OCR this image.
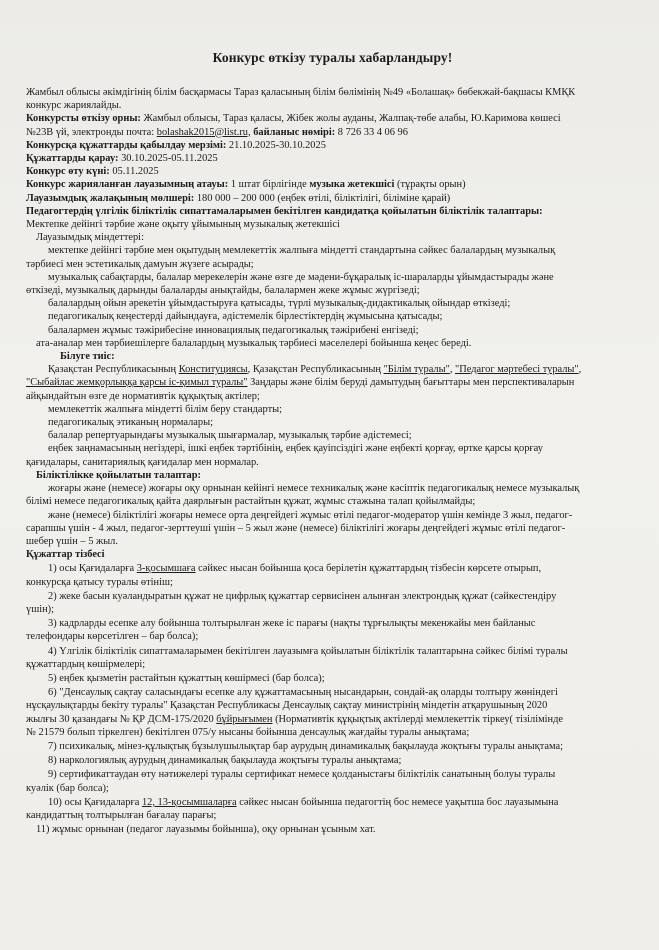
Конкурс өткізу туралы хабарландыру!
Жамбыл облысы әкімдігінің білім басқармасы Тараз қаласының білім бөлімінің №49 «Болашақ» бөбекжай-бақшасы КМҚК
конкурс жариялайды.
Конкурсты өткізу орны: Жамбыл облысы, Тараз қаласы, Жібек жолы ауданы, Жалпақ-төбе алабы, Ю.Каримова көшесі
№23В үй, электронды почта: bolashak2015@list.ru, байланыс нөмірі: 8 726 33 4 06 96
Конкурсқа құжаттарды қабылдау мерзімі: 21.10.2025-30.10.2025
Құжаттарды қарау: 30.10.2025-05.11.2025
Конкурс өту күні: 05.11.2025
Конкурс жарияланған лауазымның атауы: 1 штат бірлігінде музыка жетекшісі (тұрақты орын)
Лауазымдық жалақының мөлшері: 180 000 – 200 000 (еңбек өтілі, біліктілігі, біліміне қарай)
Педагогтердің үлгілік біліктілік сипаттамаларымен бекітілген кандидатқа қойылатын біліктілік талаптары:
Мектепке дейінгі тәрбие және оқыту ұйымының музыкалық жетекшісі
Лауазымдық міндеттері:
мектепке дейінгі тәрбие мен оқытудың мемлекеттік жалпыға міндетті стандартына сәйкес балалардың музыкалық
тәрбиесі мен эстетикалық дамуын жүзеге асырады;
музыкалық сабақтарды, балалар мерекелерін және өзге де мәдени-бұқаралық іс-шараларды ұйымдастырады және
өткізеді, музыкалық дарынды балаларды анықтайды, балалармен жеке жұмыс жүргізеді;
балалардың ойын әрекетін ұйымдастыруға қатысады, түрлі музыкалық-дидактикалық ойындар өткізеді;
педагогикалық кеңестерді дайындауға, әдістемелік бірлестіктердің жұмысына қатысады;
балалармен жұмыс тәжірибесіне инновациялық педагогикалық тәжірибені енгізеді;
ата-аналар мен тәрбиешілерге балалардың музыкалық тәрбиесі мәселелері бойынша кеңес береді.
Білуге тиіс:
Қазақстан Республикасының Конституциясы, Қазақстан Республикасының "Білім туралы", "Педагог мәртебесі туралы",
"Сыбайлас жемқорлыққа қарсы іс-қимыл туралы" Заңдары және білім беруді дамытудың бағыттары мен перспективаларын
айқындайтын өзге де нормативтік құқықтық актілер;
мемлекеттік жалпыға міндетті білім беру стандарты;
педагогикалық этиканың нормалары;
балалар репертуарындағы музыкалық шығармалар, музыкалық тәрбие әдістемесі;
еңбек заңнамасының негіздері, ішкі еңбек тәртібінің, еңбек қауіпсіздігі және еңбекті қорғау, өртке қарсы қорғау
қағидалары, санитариялық қағидалар мен нормалар.
Біліктілікке қойылатын талаптар:
жоғары және (немесе) жоғары оқу орнынан кейінгі немесе техникалық және кәсіптік педагогикалық немесе музыкалық
білімі немесе педагогикалық қайта даярлығын растайтын құжат, жұмыс стажына талап қойылмайды;
және (немесе) біліктілігі жоғары немесе орта деңгейдегі жұмыс өтілі педагог-модератор үшін кемінде 3 жыл, педагог-
сарапшы үшін - 4 жыл, педагог-зерттеуші үшін – 5 жыл және (немесе) біліктілігі жоғары деңгейдегі жұмыс өтілі педагог-
шебер үшін – 5 жыл.
Құжаттар тізбесі
1) осы Қағидаларға 3-қосымшаға сәйкес нысан бойынша қоса берілетін құжаттардың тізбесін көрсете отырып,
конкурсқа қатысу туралы өтініш;
2) жеке басын куәландыратын құжат не цифрлық құжаттар сервисінен алынған электрондық құжат (сәйкестендіру
үшін);
3) кадрларды есепке алу бойынша толтырылған жеке іс парағы (нақты тұрғылықты мекенжайы мен байланыс
телефондары көрсетілген – бар болса);
4) Үлгілік біліктілік сипаттамаларымен бекітілген лауазымға қойылатын біліктілік талаптарына сәйкес білімі туралы
құжаттардың көшірмелері;
5) еңбек қызметін растайтын құжаттың көшірмесі (бар болса);
6) "Денсаулық сақтау саласындағы есепке алу құжаттамасының нысандарын, сондай-ақ оларды толтыру жөніндегі
нұсқаулықтарды бекіту туралы" Қазақстан Республикасы Денсаулық сақтау министрінің міндетін атқарушының 2020
жылғы 30 қазандағы № ҚР ДСМ-175/2020 бұйрығымен (Нормативтік құқықтық актілерді мемлекеттік тіркеу( тізілімінде
№ 21579 болып тіркелген) бекітілген 075/у нысаны бойынша денсаулық жағдайы туралы анықтама;
7) психикалық, мінез-құлықтық бұзылушылықтар бар аурудың динамикалық бақылауда жоқтығы туралы анықтама;
8) наркологиялық аурудың динамикалық бақылауда жоқтығы туралы анықтама;
9) сертификаттаудан өту нәтижелері туралы сертификат немесе қолданыстағы біліктілік санатының болуы туралы
куәлік (бар болса);
10) осы Қағидаларға 12, 13-қосымшаларға сәйкес нысан бойынша педагогтің бос немесе уақытша бос лауазымына
кандидаттың толтырылған бағалау парағы;
11) жұмыс орнынан (педагог лауазымы бойынша), оқу орнынан ұсыным хат.
